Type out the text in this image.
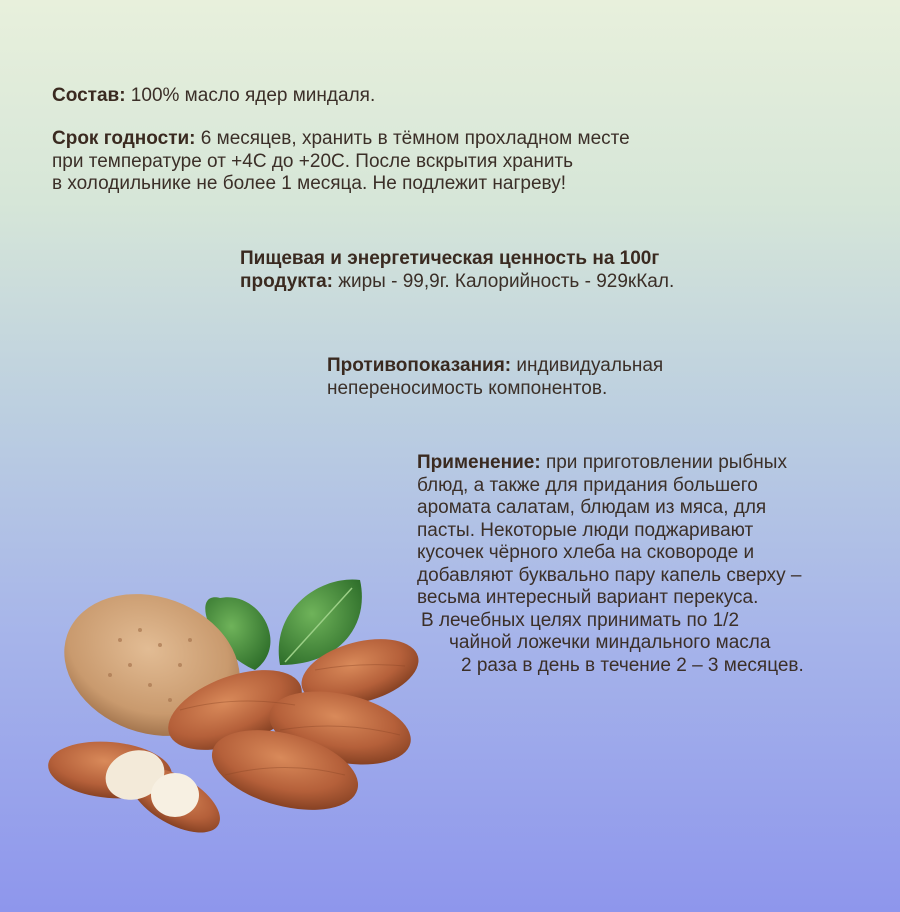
Состав: 100% масло ядер миндаля.
Срок годности: 6 месяцев, хранить в тёмном прохладном месте
при температуре от +4С до +20С. После вскрытия хранить
в холодильнике не более 1 месяца. Не подлежит нагреву!
Пищевая и энергетическая ценность на 100г
продукта: жиры - 99,9г. Калорийность - 929кКал.
Противопоказания: индивидуальная
непереносимость компонентов.
Применение: при приготовлении рыбных
блюд, а также для придания большего
аромата салатам, блюдам из мяса, для
пасты. Некоторые люди поджаривают
кусочек чёрного хлеба на сковороде и
добавляют буквально пару капель сверху –
весьма интересный вариант перекуса.
В лечебных целях принимать по 1/2
чайной ложечки миндального масла
2 раза в день в течение 2 – 3 месяцев.
